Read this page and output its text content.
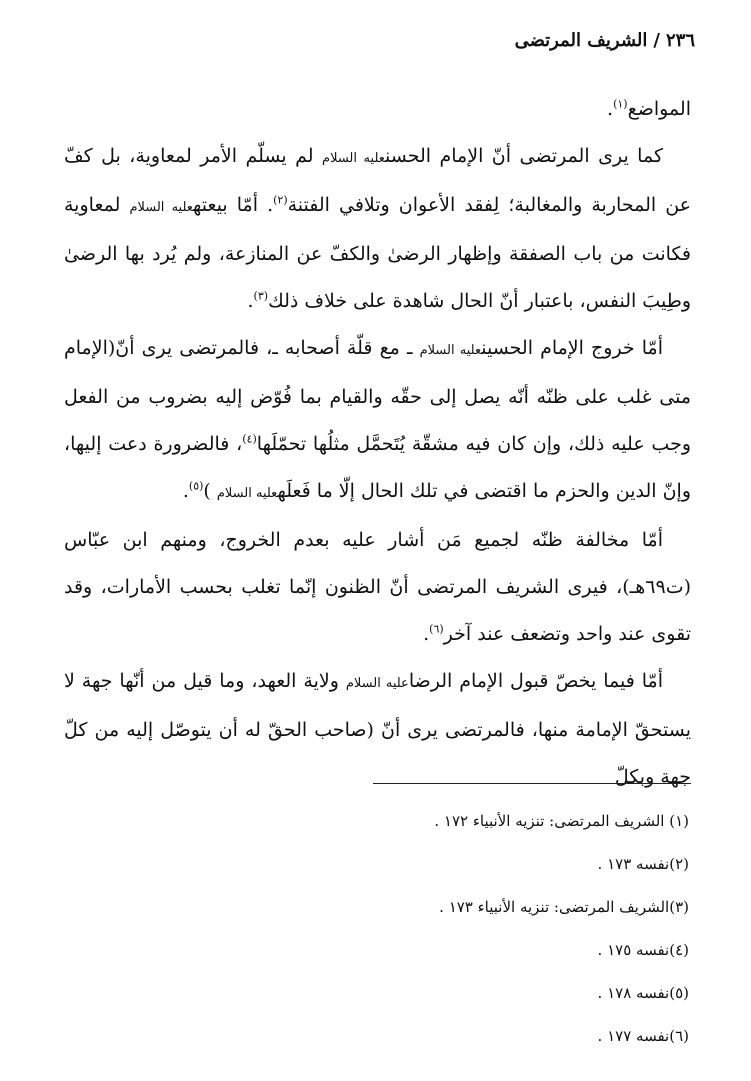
٢٣٦/الشريف المرتضى

المواضع$^{(١)}$.

كما يرى المرتضى أنّ الإمام الحسنعليه السلام لم يسلّم الأمر لمعاوية، بل كفّ عن المحاربة والمغالبة؛ لِفقد الأعوان وتلافي الفتنة$^{(٢)}$. أمّا بيعتهعليه السلام لمعاوية فكانت من باب الصفقة وإظهار الرضىٰ والكفّ عن المنازعة، ولم يُرد بها الرضىٰ وطِيبَ النفس، باعتبار أنّ الحال شاهدة على خلاف ذلك$^{(٣)}$.

أمّا خروج الإمام الحسينعليه السلام ـ مع قلّة أصحابه ـ، فالمرتضى يرى أنّ(الإمام متى غلب على ظنّه أنّه يصل إلى حقّه والقيام بما فُوّض إليه بضروب من الفعل وجب عليه ذلك، وإن كان فيه مشقّة يُتَحمَّل مثلُها تحمّلَها$^{(٤)}$، فالضرورة دعت إليها، وإنّ الدين والحزم ما اقتضى في تلك الحال إلّا ما فَعلَهعليه السلام )$^{(٥)}$.

أمّا مخالفة ظنّه لجميع مَن أشار عليه بعدم الخروج، ومنهم ابن عبّاس (ت٦٩هـ)، فيرى الشريف المرتضى أنّ الظنون إنّما تغلب بحسب الأمارات، وقد تقوى عند واحد وتضعف عند آخر$^{(٦)}$.

أمّا فيما يخصّ قبول الإمام الرضاعليه السلام ولاية العهد، وما قيل من أنّها جهة لا يستحقّ الإمامة منها، فالمرتضى يرى أنّ (صاحب الحقّ له أن يتوصّل إليه من كلّ جهة وبكلّ

(١) الشريف المرتضى: تنزيه الأنبياء ١٧٢ .
(٢)نفسه ١٧٣ .
(٣)الشريف المرتضى: تنزيه الأنبياء ١٧٣ .
(٤)نفسه ١٧٥ .
(٥)نفسه ١٧٨ .
(٦)نفسه ١٧٧ .
